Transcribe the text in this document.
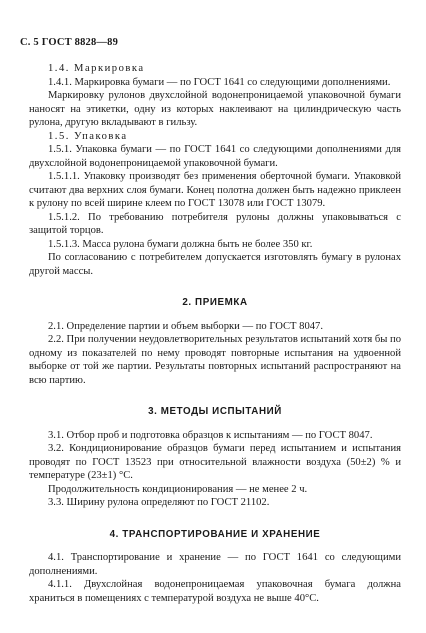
С. 5 ГОСТ 8828—89

1.4. Маркировка

1.4.1. Маркировка бумаги — по ГОСТ 1641 со следующими дополнениями.

Маркировку рулонов двухслойной водонепроницаемой упаковочной бумаги наносят на этикетки, одну из которых наклеивают на цилиндрическую часть рулона, другую вкладывают в гильзу.

1.5. Упаковка

1.5.1. Упаковка бумаги — по ГОСТ 1641 со следующими дополнениями для двухслойной водонепроницаемой упаковочной бумаги.

1.5.1.1. Упаковку производят без применения оберточной бумаги. Упаковкой считают два верхних слоя бумаги. Конец полотна должен быть надежно приклеен к рулону по всей ширине клеем по ГОСТ 13078 или ГОСТ 13079.

1.5.1.2. По требованию потребителя рулоны должны упаковываться с защитой торцов.

1.5.1.3. Масса рулона бумаги должна быть не более 350 кг.

По согласованию с потребителем допускается изготовлять бумагу в рулонах другой массы.

2. ПРИЕМКА

2.1. Определение партии и объем выборки — по ГОСТ 8047.

2.2. При получении неудовлетворительных результатов испытаний хотя бы по одному из показателей по нему проводят повторные испытания на удвоенной выборке от той же партии. Результаты повторных испытаний распространяют на всю партию.

3. МЕТОДЫ ИСПЫТАНИЙ

3.1. Отбор проб и подготовка образцов к испытаниям — по ГОСТ 8047.

3.2. Кондиционирование образцов бумаги перед испытанием и испытания проводят по ГОСТ 13523 при относительной влажности воздуха (50±2) % и температуре (23±1) °С.

Продолжительность кондиционирования — не менее 2 ч.

3.3. Ширину рулона определяют по ГОСТ 21102.

4. ТРАНСПОРТИРОВАНИЕ И ХРАНЕНИЕ

4.1. Транспортирование и хранение — по ГОСТ 1641 со следующими дополнениями.

4.1.1. Двухслойная водонепроницаемая упаковочная бумага должна храниться в помещениях с температурой воздуха не выше 40°С.
